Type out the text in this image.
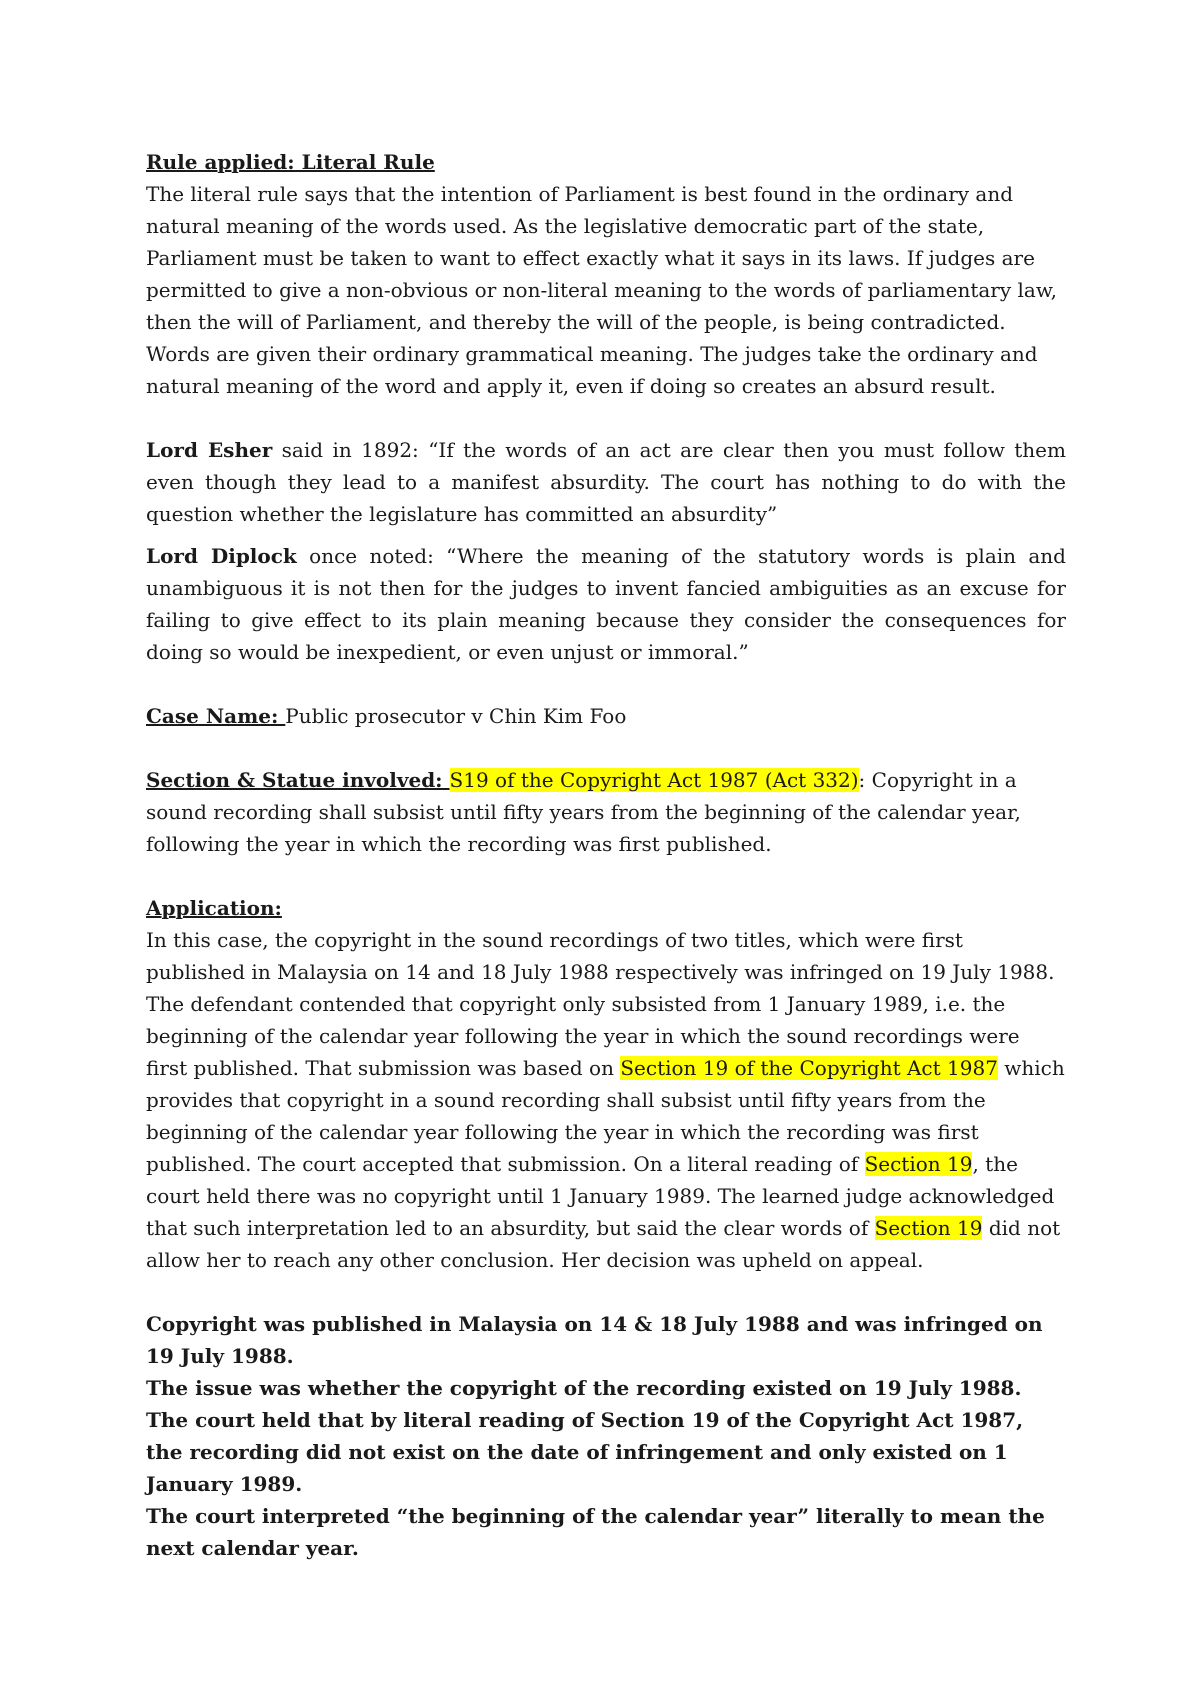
Rule applied: Literal Rule

The literal rule says that the intention of Parliament is best found in the ordinary and natural meaning of the words used. As the legislative democratic part of the state, Parliament must be taken to want to effect exactly what it says in its laws. If judges are permitted to give a non-obvious or non-literal meaning to the words of parliamentary law, then the will of Parliament, and thereby the will of the people, is being contradicted. Words are given their ordinary grammatical meaning. The judges take the ordinary and natural meaning of the word and apply it, even if doing so creates an absurd result.

Lord Esher said in 1892: “If the words of an act are clear then you must follow them even though they lead to a manifest absurdity. The court has nothing to do with the question whether the legislature has committed an absurdity”

Lord Diplock once noted: “Where the meaning of the statutory words is plain and unambiguous it is not then for the judges to invent fancied ambiguities as an excuse for failing to give effect to its plain meaning because they consider the consequences for doing so would be inexpedient, or even unjust or immoral.”

Case Name: Public prosecutor v Chin Kim Foo

Section & Statue involved: S19 of the Copyright Act 1987 (Act 332): Copyright in a sound recording shall subsist until fifty years from the beginning of the calendar year, following the year in which the recording was first published.

Application:

In this case, the copyright in the sound recordings of two titles, which were first published in Malaysia on 14 and 18 July 1988 respectively was infringed on 19 July 1988. The defendant contended that copyright only subsisted from 1 January 1989, i.e. the beginning of the calendar year following the year in which the sound recordings were first published. That submission was based on Section 19 of the Copyright Act 1987 which provides that copyright in a sound recording shall subsist until fifty years from the beginning of the calendar year following the year in which the recording was first published. The court accepted that submission. On a literal reading of Section 19, the court held there was no copyright until 1 January 1989. The learned judge acknowledged that such interpretation led to an absurdity, but said the clear words of Section 19 did not allow her to reach any other conclusion. Her decision was upheld on appeal.

Copyright was published in Malaysia on 14 & 18 July 1988 and was infringed on 19 July 1988.

The issue was whether the copyright of the recording existed on 19 July 1988.

The court held that by literal reading of Section 19 of the Copyright Act 1987, the recording did not exist on the date of infringement and only existed on 1 January 1989.

The court interpreted “the beginning of the calendar year” literally to mean the next calendar year.
